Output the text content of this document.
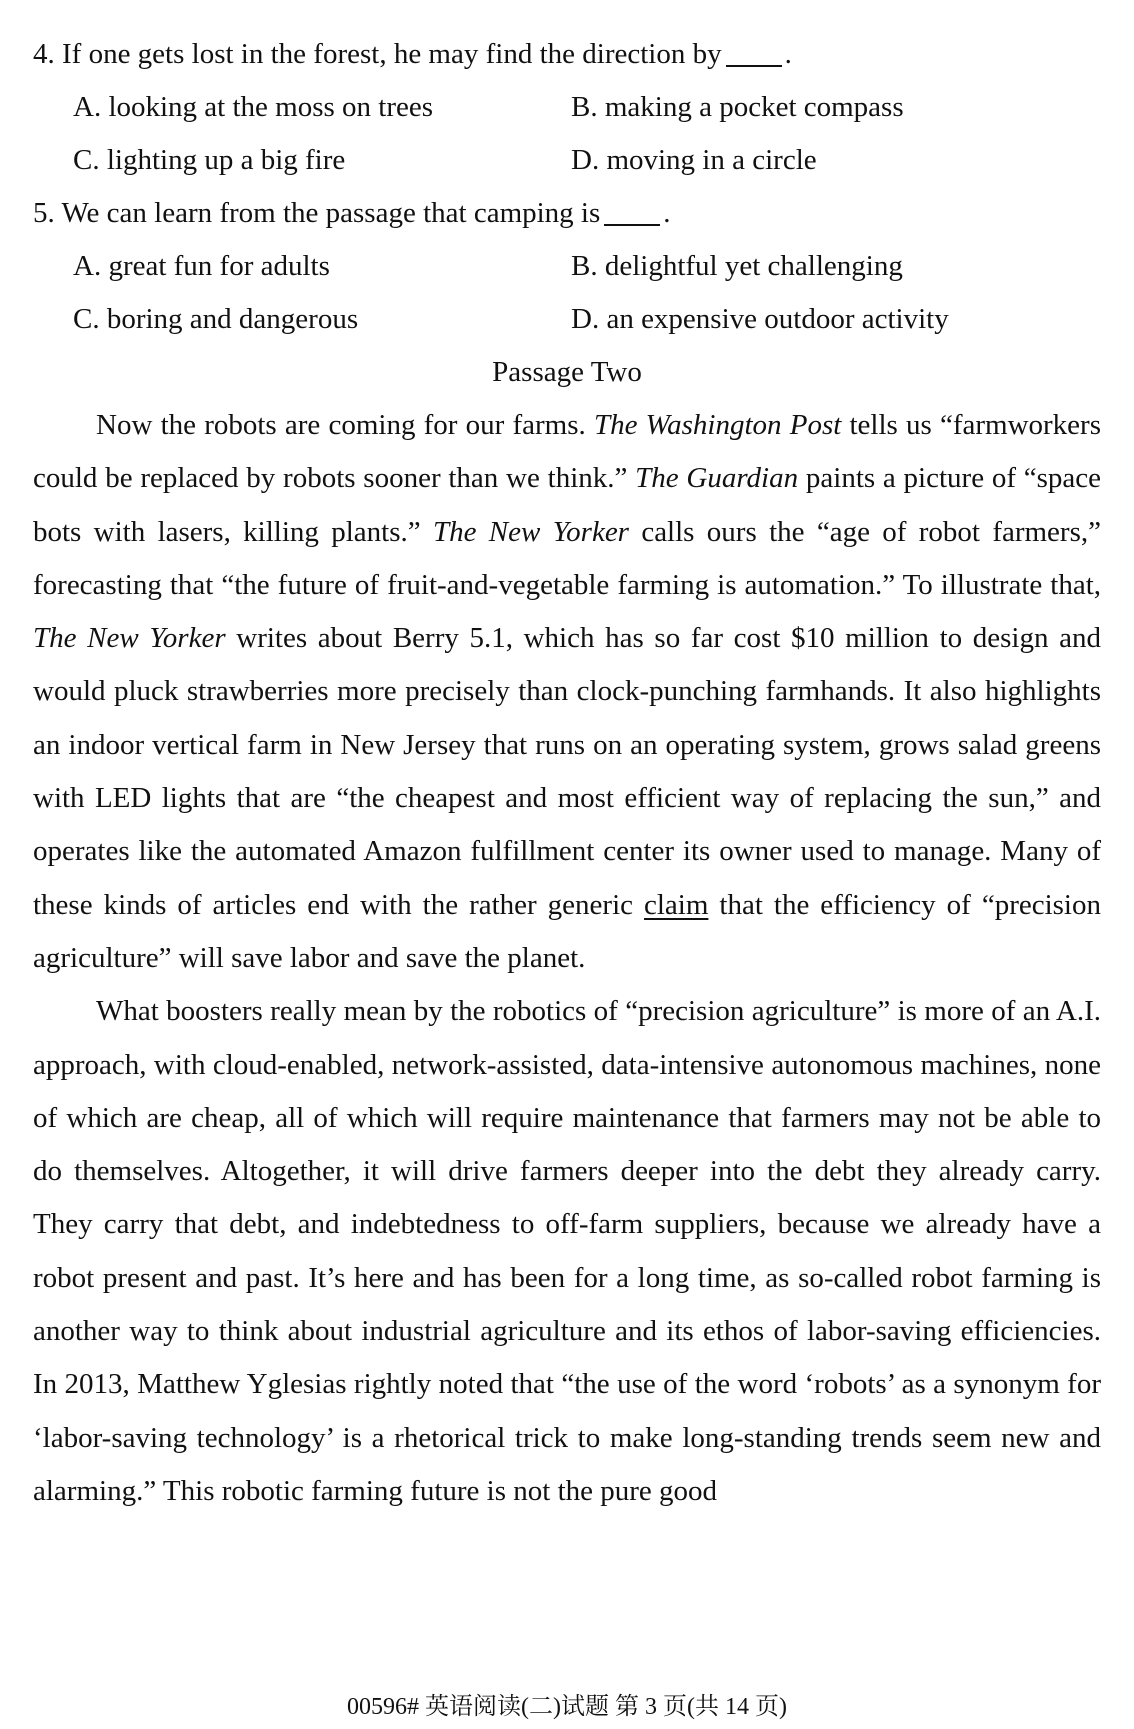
4. If one gets lost in the forest, he may find the direction by .
A. looking at the moss on trees	B. making a pocket compass
C. lighting up a big fire	D. moving in a circle
5. We can learn from the passage that camping is .
A. great fun for adults	B. delightful yet challenging
C. boring and dangerous	D. an expensive outdoor activity
Passage Two

Now the robots are coming for our farms. The Washington Post tells us “farmworkers could be replaced by robots sooner than we think.” The Guardian paints a picture of “space bots with lasers, killing plants.” The New Yorker calls ours the “age of robot farmers,” forecasting that “the future of fruit-and-vegetable farming is automation.” To illustrate that, The New Yorker writes about Berry 5.1, which has so far cost $10 million to design and would pluck strawberries more precisely than clock-punching farmhands. It also highlights an indoor vertical farm in New Jersey that runs on an operating system, grows salad greens with LED lights that are “the cheapest and most efficient way of replacing the sun,” and operates like the automated Amazon fulfillment center its owner used to manage. Many of these kinds of articles end with the rather generic claim that the efficiency of “precision agriculture” will save labor and save the planet.

What boosters really mean by the robotics of “precision agriculture” is more of an A.I. approach, with cloud-enabled, network-assisted, data-intensive autonomous machines, none of which are cheap, all of which will require maintenance that farmers may not be able to do themselves. Altogether, it will drive farmers deeper into the debt they already carry. They carry that debt, and indebtedness to off-farm suppliers, because we already have a robot present and past. It’s here and has been for a long time, as so-called robot farming is another way to think about industrial agriculture and its ethos of labor-saving efficiencies. In 2013, Matthew Yglesias rightly noted that “the use of the word ‘robots’ as a synonym for ‘labor-saving technology’ is a rhetorical trick to make long-standing trends seem new and alarming.” This robotic farming future is not the pure good

00596# 英语阅读(二)试题 第 3 页(共 14 页)
